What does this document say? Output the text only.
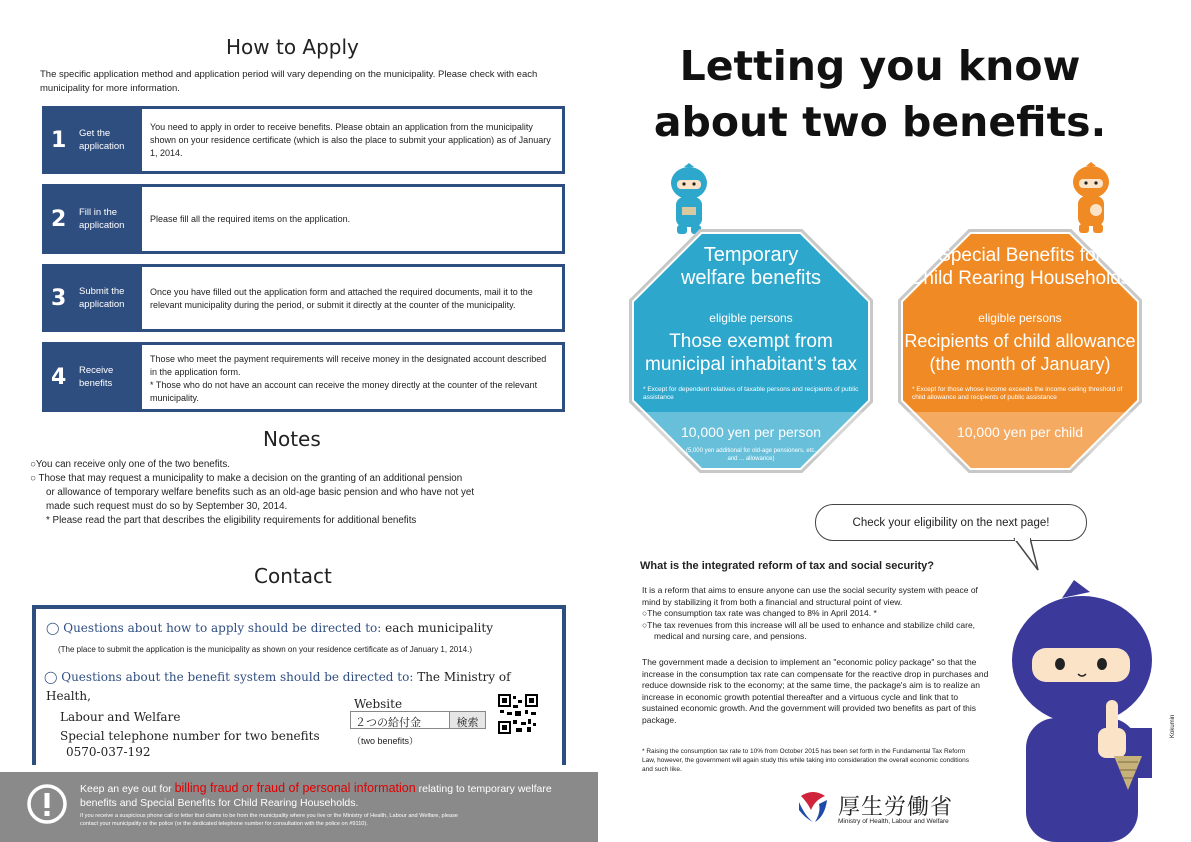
How to Apply
The specific application method and application period will vary depending on the municipality. Please check with each municipality for more information.
1	Get the
application
You need to apply in order to receive benefits. Please obtain an application from the municipality shown on your residence certificate (which is also the place to submit your application) as of January 1, 2014.
2	Fill in the
application
Please fill all the required items on the application.
3	Submit the
application
Once you have filled out the application form and attached the required documents, mail it to the relevant municipality during the period, or submit it directly at the counter of the municipality.
4	Receive
benefits
Those who meet the payment requirements will receive money in the designated account described in the application form.
* Those who do not have an account can receive the money directly at the counter of the relevant municipality.
Notes
○You can receive only one of the two benefits.
○ Those that may request a municipality to make a decision on the granting of an additional pension
or allowance of temporary welfare benefits such as an old-age basic pension and who have not yet
made such request must do so by September 30, 2014.
* Please read the part that describes the eligibility requirements for additional benefits
Contact
◯ Questions about how to apply should be directed to: each municipality
(The place to submit the application is the municipality as shown on your residence certificate as of January 1, 2014.)
◯ Questions about the benefit system should be directed to: The Ministry of
Health,
Labour and Welfare
Special telephone number for two benefits
0570-037-192
Website
２つの給付金	検索
（two benefits）
Keep an eye out for billing fraud or fraud of personal information relating to temporary welfare
benefits and Special Benefits for Child Rearing Households.
If you receive a suspicious phone call or letter that claims to be from the municipality where you live or the Ministry of Health, Labour and Welfare, please
contact your municipality or the police (or the dedicated telephone number for consultation with the police on #9110).
Letting you know
about two benefits.
Temporary
welfare benefits
eligible persons
Those exempt from
municipal inhabitant’s tax
* Except for dependent relatives of taxable persons and recipients of public assistance
10,000 yen per person
(5,000 yen additional for old-age pensioners, etc. and ... allowance)
Special Benefits for
Child Rearing Households
eligible persons
Recipients of child allowance
(the month of January)
* Except for those whose income exceeds the income ceiling threshold of child allowance and recipients of public assistance
10,000 yen per child
Check your eligibility on the next page!
What is the integrated reform of tax and social security?
It is a reform that aims to ensure anyone can use the social security system with peace of mind by stabilizing it from both a financial and structural point of view.
○The consumption tax rate was changed to 8% in April 2014. *
○The tax revenues from this increase will all be used to enhance and stabilize child care, medical and nursing care, and pensions.
The government made a decision to implement an "economic policy package" so that the increase in the consumption tax rate can compensate for the reactive drop in purchases and reduce downside risk to the economy; at the same time, the package's aim is to realize an increase in economic growth potential thereafter and a virtuous cycle and link that to sustained economic growth. And the government will provided two benefits as part of this package.
* Raising the consumption tax rate to 10% from October 2015 has been set forth in the Fundamental Tax Reform Law, however, the government will again study this while taking into consideration the overall economic conditions and such like.
Kokumin
厚生労働省
Ministry of Health, Labour and Welfare
